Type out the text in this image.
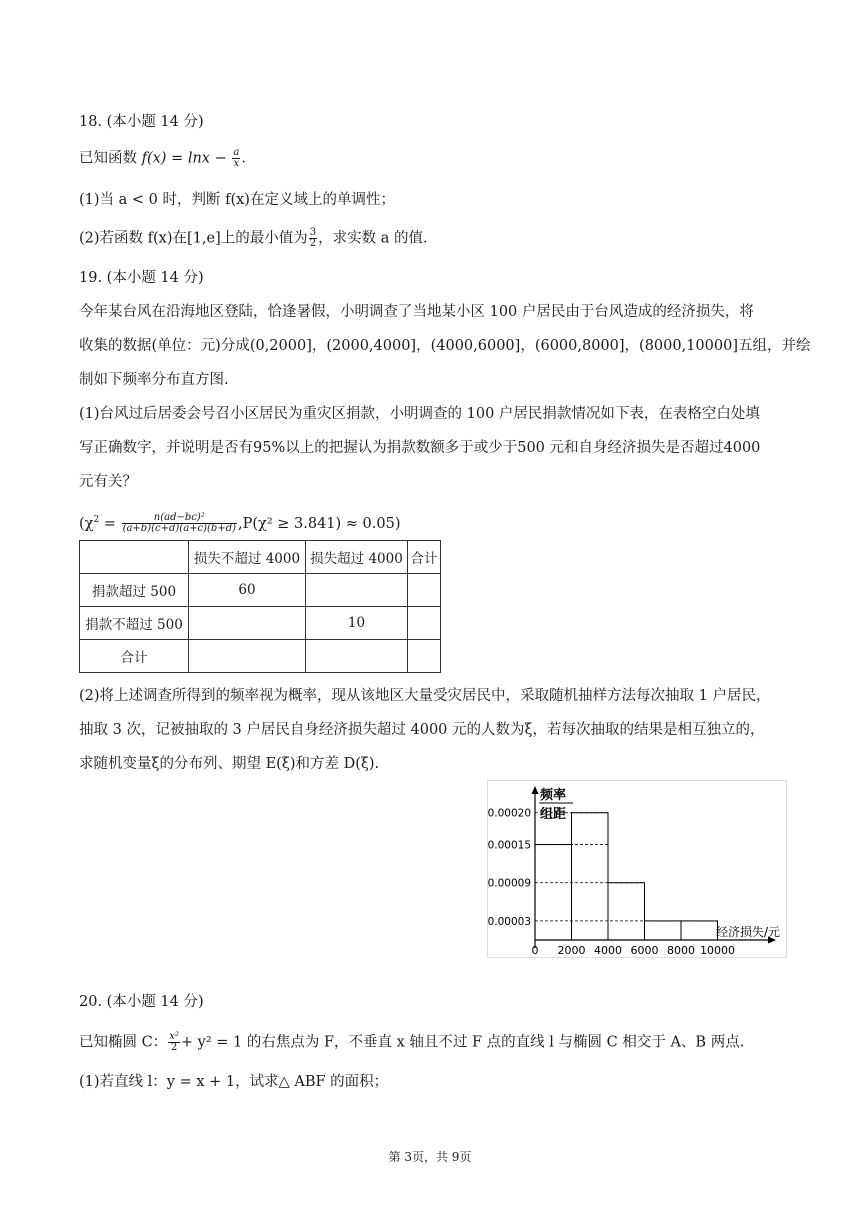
18. (本小题 14 分)
已知函数 $f(x) = \ln x - \frac{a}{x}$ .
(1)当 a < 0 时，判断 f(x)在定义域上的单调性；
(2)若函数 f(x)在[1,e]上的最小值为 $\frac{3}{2}$ ，求实数 a 的值.
19. (本小题 14 分)
今年某台风在沿海地区登陆，恰逢暑假，小明调查了当地某小区 100 户居民由于台风造成的经济损失，将
收集的数据(单位：元)分成(0,2000]，(2000,4000]，(4000,6000]，(6000,8000]，(8000,10000]五组，并绘
制如下频率分布直方图.
(1)台风过后居委会号召小区居民为重灾区捐款，小明调查的 100 户居民捐款情况如下表，在表格空白处填
写正确数字，并说明是否有95%以上的把握认为捐款数额多于或少于500 元和自身经济损失是否超过4000
元有关？
$(\chi^2 = \frac{\text{n(ad−bc)²}}{(a+b)(c+d)(a+c)(b+d)} ,P(\chi^2 \ge 3.841) \approx 0.05)$
	损失不超过 4000	损失超过 4000	合计
捐款超过 500	60		
捐款不超过 500		10	
合计			
(2)将上述调查所得到的频率视为概率，现从该地区大量受灾居民中，采取随机抽样方法每次抽取 1 户居民，
抽取 3 次，记被抽取的 3 户居民自身经济损失超过 4000 元的人数为ξ，若每次抽取的结果是相互独立的，
求随机变量ξ的分布列、期望 E(ξ)和方差 D(ξ).
频率
组距
经济损失/元
0 2000 4000 6000 8000 10000
0.00020
0.00015
0.00009
0.00003
20. (本小题 14 分)
已知椭圆 C： $\frac{\text{x²}}{2} + y^2 = 1$ 的右焦点为 F，不垂直 x 轴且不过 F 点的直线 l 与椭圆 C 相交于 A、B 两点.
(1)若直线 l：y = x + 1，试求△ ABF 的面积；
第 3页，共 9页
